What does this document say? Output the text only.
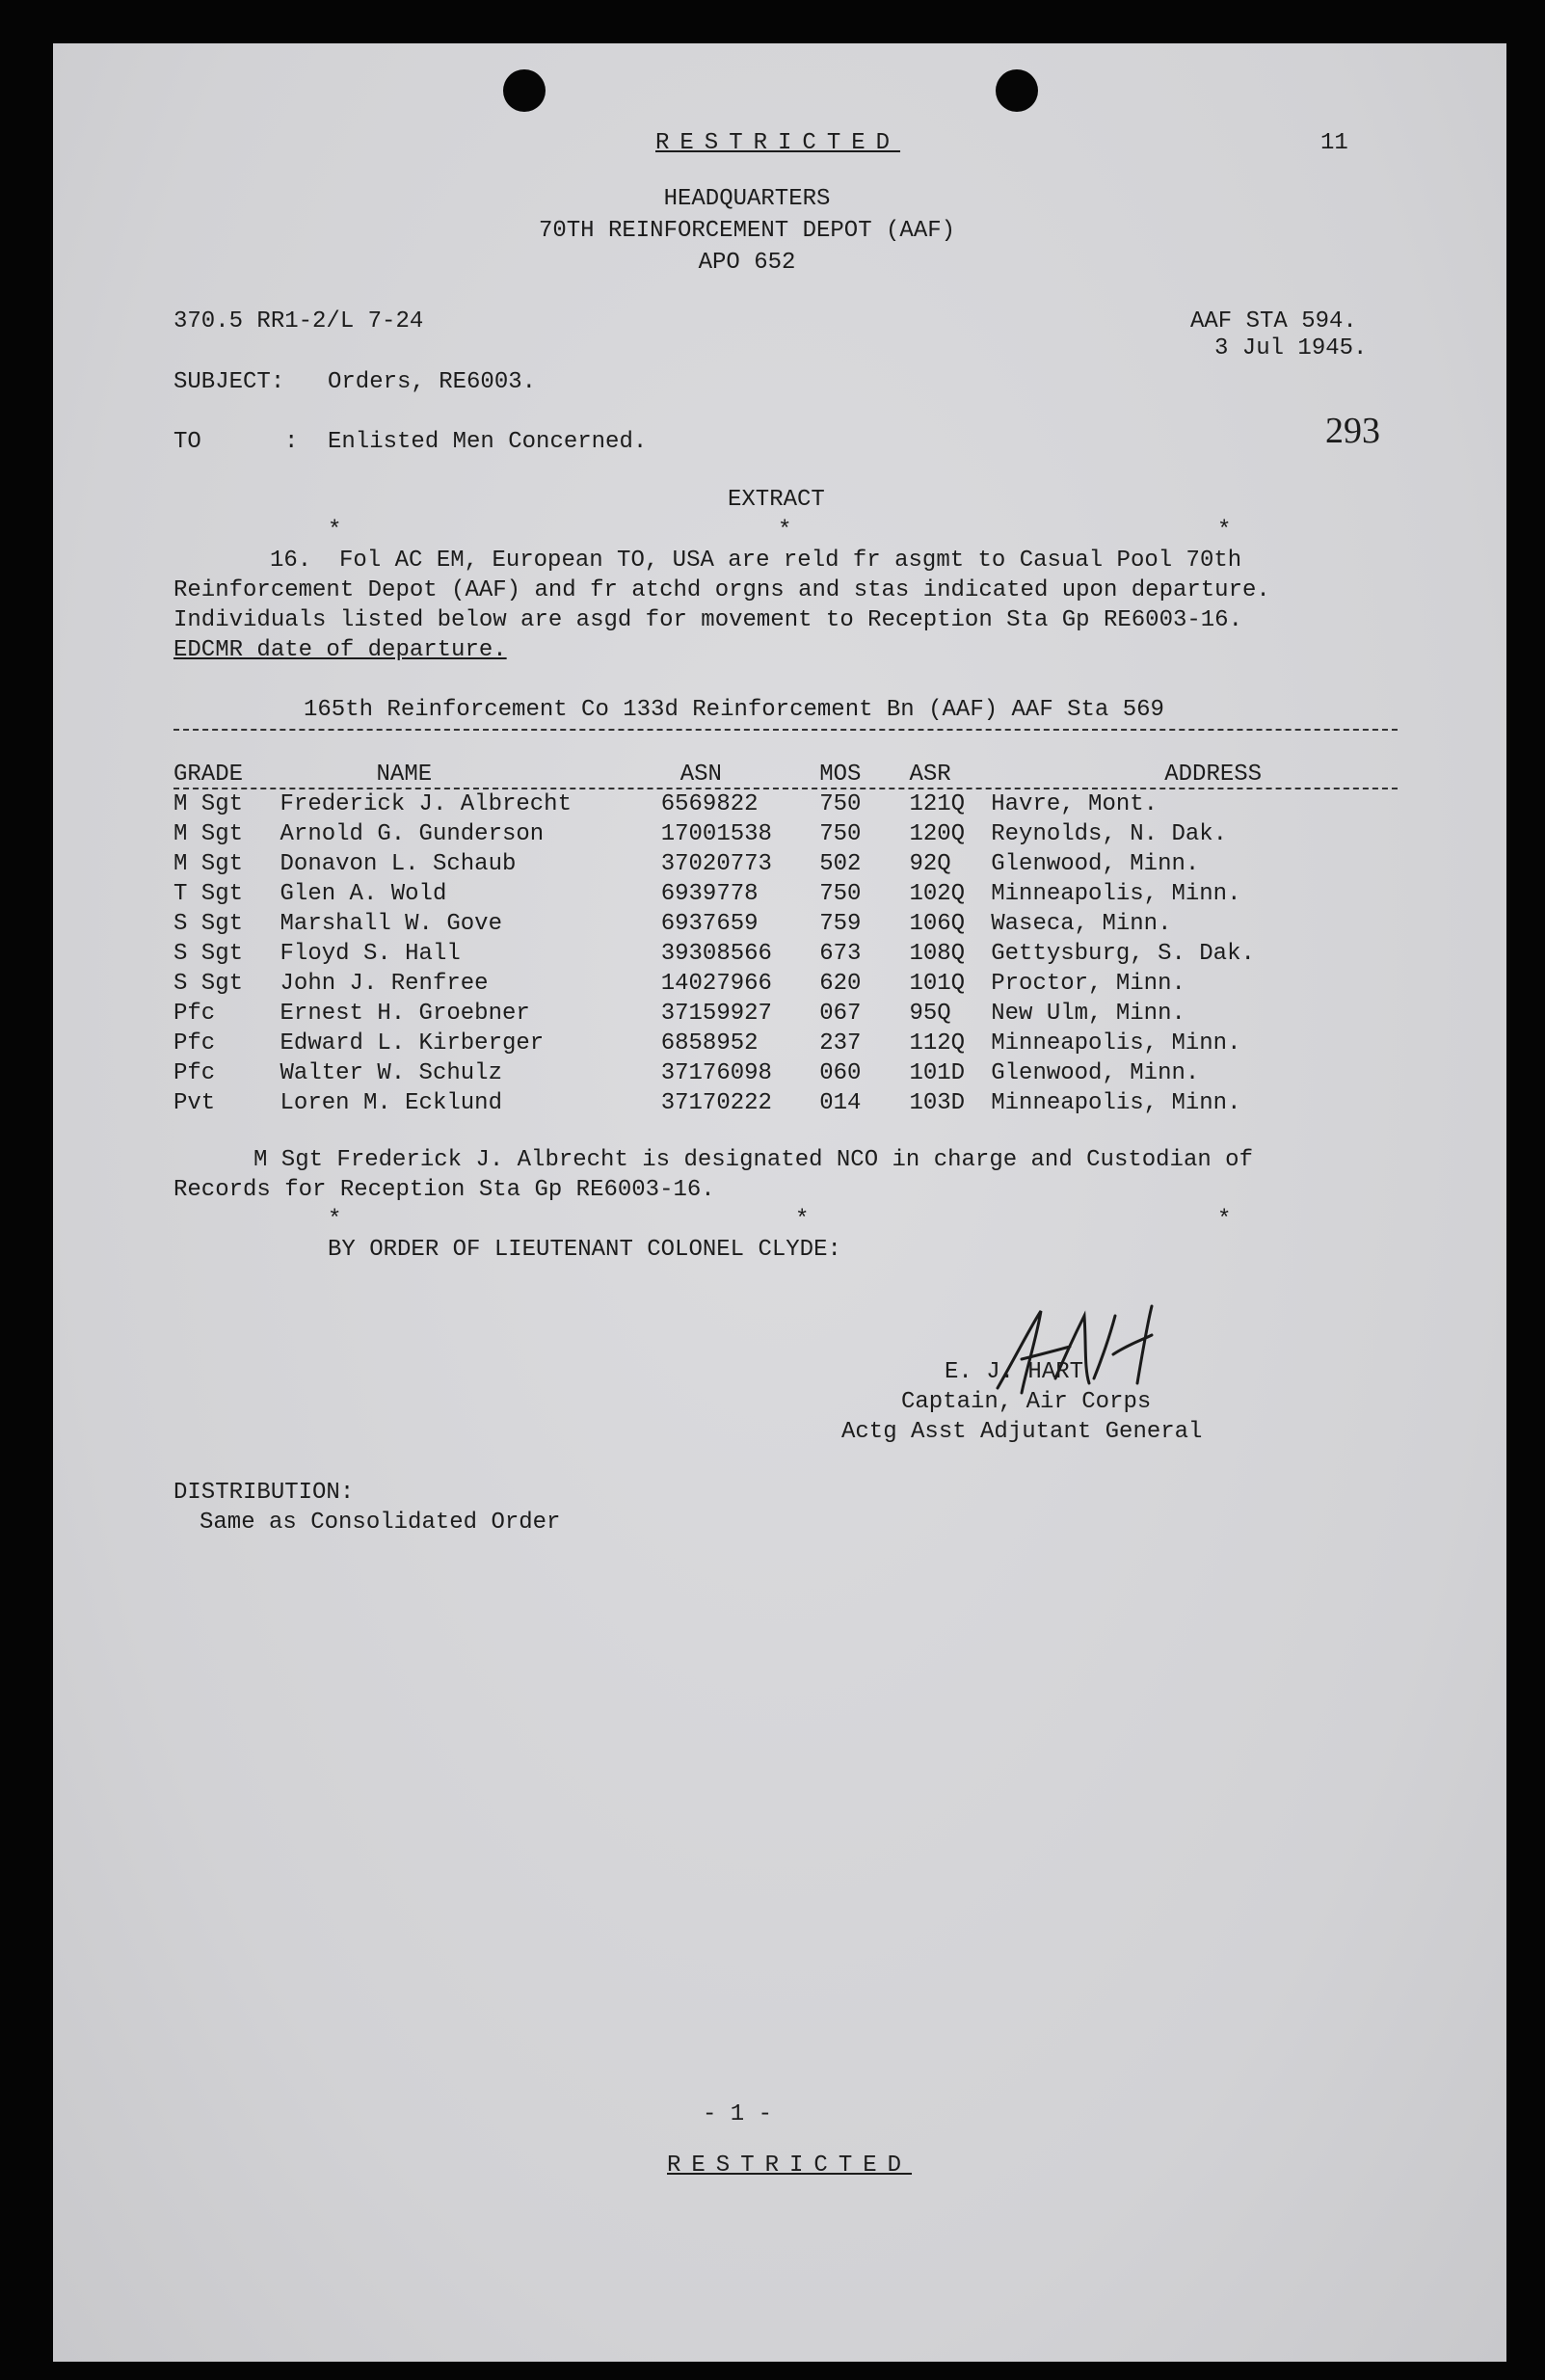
RESTRICTED	11
HEADQUARTERS
70TH REINFORCEMENT DEPOT (AAF)
APO 652
370.5 RR1-2/L 7-24	AAF STA 594.
3 Jul 1945.
SUBJECT: Orders, RE6003.
TO	: Enlisted Men Concerned.	293
EXTRACT
*	*	*
16.  Fol AC EM, European TO, USA are reld fr asgmt to Casual Pool 70th
Reinforcement Depot (AAF) and fr atchd orgns and stas indicated upon departure.
Individuals listed below are asgd for movement to Reception Sta Gp RE6003-16.
EDCMR date of departure.
165th Reinforcement Co 133d Reinforcement Bn (AAF) AAF Sta 569
GRADE	NAME	ASN	MOS	ASR	ADDRESS
M Sgt	Frederick J. Albrecht	6569822	750	121Q	Havre, Mont.
M Sgt	Arnold G. Gunderson	17001538	750	120Q	Reynolds, N. Dak.
M Sgt	Donavon L. Schaub	37020773	502	92Q	Glenwood, Minn.
T Sgt	Glen A. Wold	6939778	750	102Q	Minneapolis, Minn.
S Sgt	Marshall W. Gove	6937659	759	106Q	Waseca, Minn.
S Sgt	Floyd S. Hall	39308566	673	108Q	Gettysburg, S. Dak.
S Sgt	John J. Renfree	14027966	620	101Q	Proctor, Minn.
Pfc	Ernest H. Groebner	37159927	067	95Q	New Ulm, Minn.
Pfc	Edward L. Kirberger	6858952	237	112Q	Minneapolis, Minn.
Pfc	Walter W. Schulz	37176098	060	101D	Glenwood, Minn.
Pvt	Loren M. Ecklund	37170222	014	103D	Minneapolis, Minn.
M Sgt Frederick J. Albrecht is designated NCO in charge and Custodian of
Records for Reception Sta Gp RE6003-16.
*	*	*
BY ORDER OF LIEUTENANT COLONEL CLYDE:
E. J. HART
Captain, Air Corps
Actg Asst Adjutant General
DISTRIBUTION:
Same as Consolidated Order
- 1 -
RESTRICTED
